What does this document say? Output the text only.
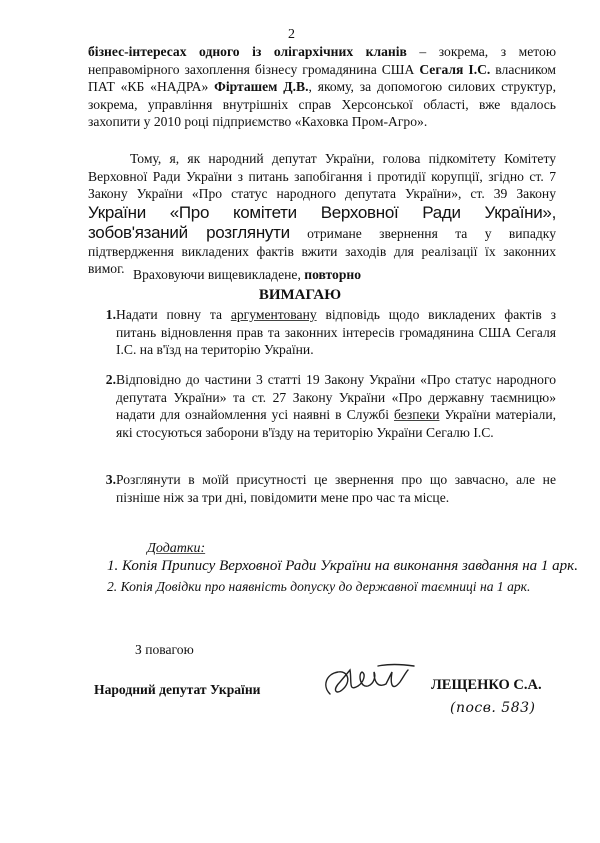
2
бізнес-інтересах одного із олігархічних кланів – зокрема, з метою неправомірного захоплення бізнесу громадянина США Сегаля І.С. власником ПАТ «КБ «НАДРА» Фірташем Д.В., якому, за допомогою силових структур, зокрема, управління внутрішніх справ Херсонської області, вже вдалось захопити у 2010 році підприємство «Каховка Пром-Агро».
Тому, я, як народний депутат України, голова підкомітету Комітету Верховної Ради України з питань запобігання і протидії корупції, згідно ст. 7 Закону України «Про статус народного депутата України», ст. 39 Закону України «Про комітети Верховної Ради України», зобов'язаний розглянути отримане звернення та у випадку підтвердження викладених фактів вжити заходів для реалізації їх законних вимог. Враховуючи вищевикладене, повторно
ВИМАГАЮ
1. Надати повну та аргументовану відповідь щодо викладених фактів з питань відновлення прав та законних інтересів громадянина США Сегаля І.С. на в'їзд на територію України.
2. Відповідно до частини 3 статті 19 Закону України «Про статус народного депутата України» та ст. 27 Закону України «Про державну таємницю» надати для ознайомлення усі наявні в Службі безпеки України матеріали, які стосуються заборони в'їзду на територію України Сегалю І.С.
3. Розглянути в моїй присутності це звернення про що завчасно, але не пізніше ніж за три дні, повідомити мене про час та місце.
Додатки:
1. Копія Припису Верховної Ради України на виконання завдання на 1 арк.
2. Копія Довідки про наявність допуску до державної таємниці на 1 арк.
З повагою
Народний депутат України	ЛЕЩЕНКО С.А.
(посв. 583)
